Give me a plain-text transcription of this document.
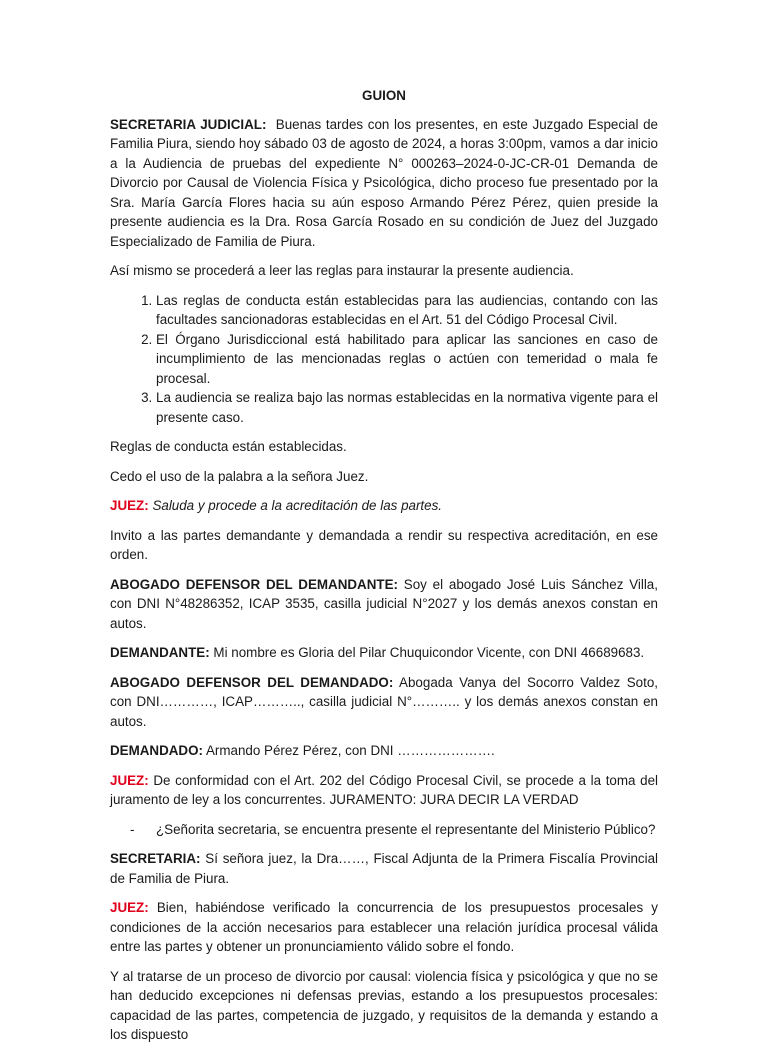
GUION

SECRETARIA JUDICIAL: Buenas tardes con los presentes, en este Juzgado Especial de Familia Piura, siendo hoy sábado 03 de agosto de 2024, a horas 3:00pm, vamos a dar inicio a la Audiencia de pruebas del expediente N° 000263–2024-0-JC-CR-01 Demanda de Divorcio por Causal de Violencia Física y Psicológica, dicho proceso fue presentado por la Sra. María García Flores hacia su aún esposo Armando Pérez Pérez, quien preside la presente audiencia es la Dra. Rosa García Rosado en su condición de Juez del Juzgado Especializado de Familia de Piura.

Así mismo se procederá a leer las reglas para instaurar la presente audiencia.

1. Las reglas de conducta están establecidas para las audiencias, contando con las facultades sancionadoras establecidas en el Art. 51 del Código Procesal Civil.
2. El Órgano Jurisdiccional está habilitado para aplicar las sanciones en caso de incumplimiento de las mencionadas reglas o actúen con temeridad o mala fe procesal.
3. La audiencia se realiza bajo las normas establecidas en la normativa vigente para el presente caso.

Reglas de conducta están establecidas.

Cedo el uso de la palabra a la señora Juez.

JUEZ: Saluda y procede a la acreditación de las partes.

Invito a las partes demandante y demandada a rendir su respectiva acreditación, en ese orden.

ABOGADO DEFENSOR DEL DEMANDANTE: Soy el abogado José Luis Sánchez Villa, con DNI N°48286352, ICAP 3535, casilla judicial N°2027 y los demás anexos constan en autos.

DEMANDANTE: Mi nombre es Gloria del Pilar Chuquicondor Vicente, con DNI 46689683.

ABOGADO DEFENSOR DEL DEMANDADO: Abogada Vanya del Socorro Valdez Soto, con DNI…………, ICAP……….., casilla judicial N°……….. y los demás anexos constan en autos.

DEMANDADO: Armando Pérez Pérez, con DNI ………………….

JUEZ: De conformidad con el Art. 202 del Código Procesal Civil, se procede a la toma del juramento de ley a los concurrentes. JURAMENTO: JURA DECIR LA VERDAD

- ¿Señorita secretaria, se encuentra presente el representante del Ministerio Público?

SECRETARIA: Sí señora juez, la Dra……, Fiscal Adjunta de la Primera Fiscalía Provincial de Familia de Piura.

JUEZ: Bien, habiéndose verificado la concurrencia de los presupuestos procesales y condiciones de la acción necesarios para establecer una relación jurídica procesal válida entre las partes y obtener un pronunciamiento válido sobre el fondo.

Y al tratarse de un proceso de divorcio por causal: violencia física y psicológica y que no se han deducido excepciones ni defensas previas, estando a los presupuestos procesales: capacidad de las partes, competencia de juzgado, y requisitos de la demanda y estando a los dispuesto
